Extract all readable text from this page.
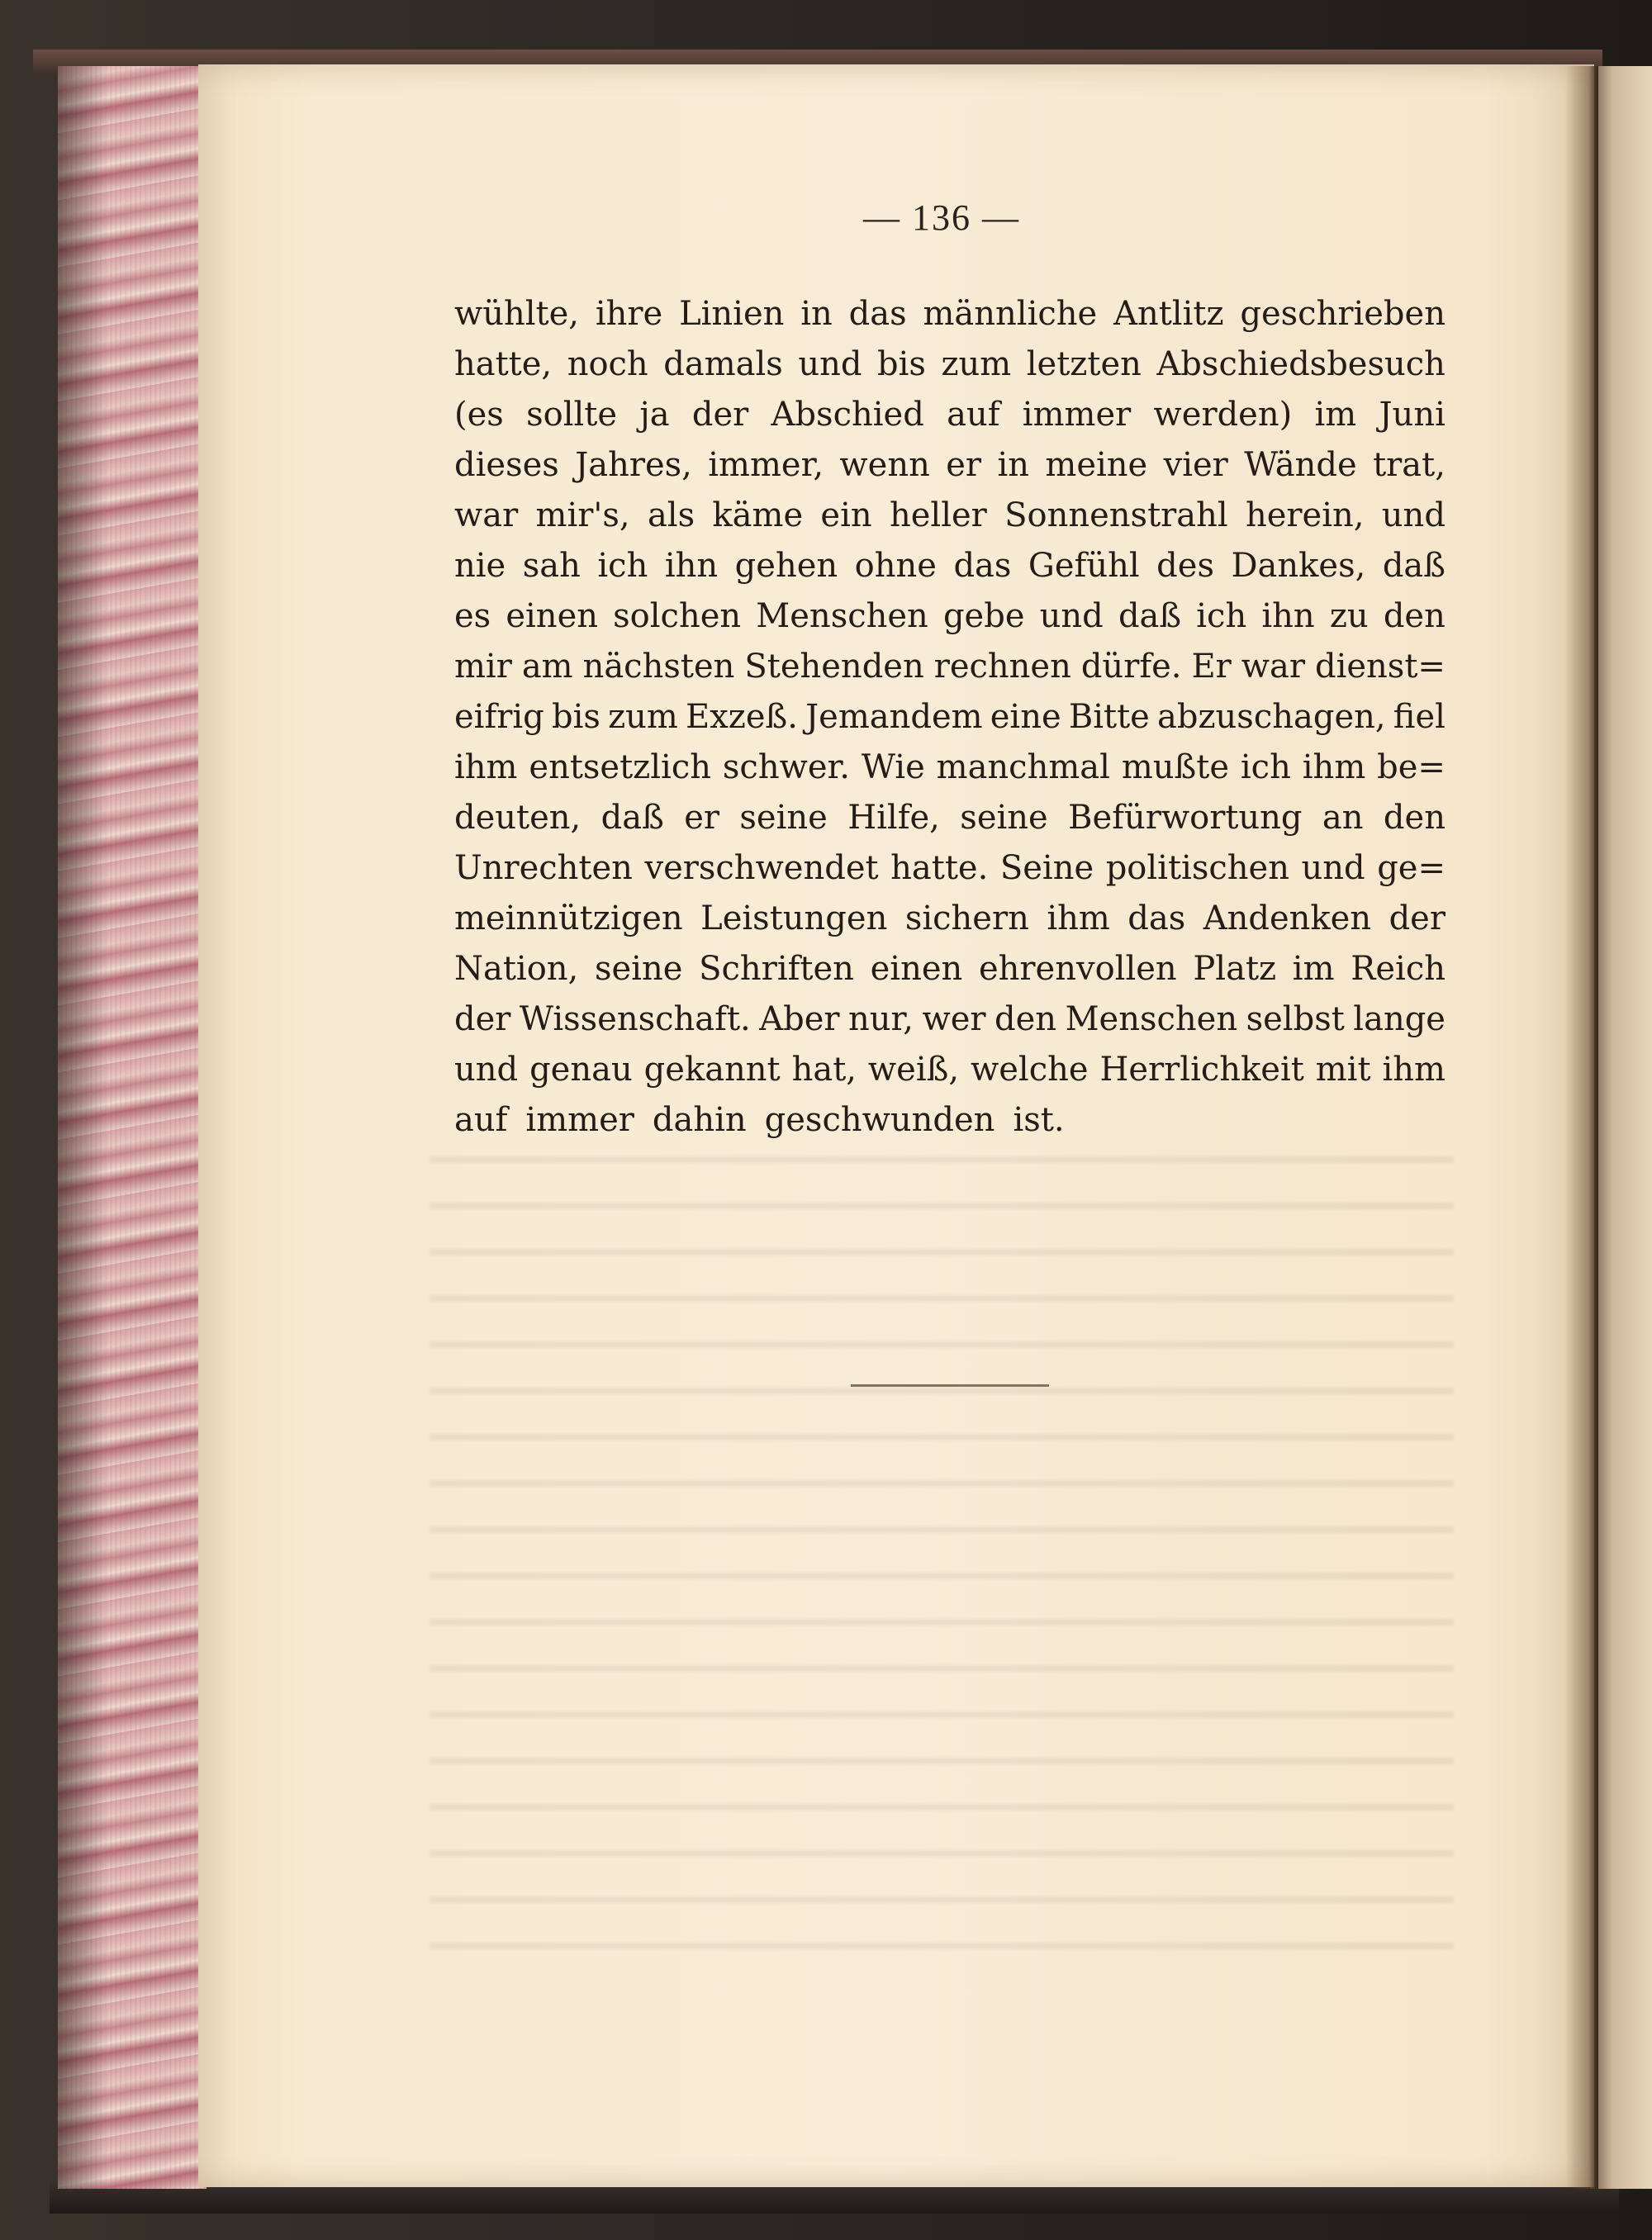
— 136 —
wühlte, ihre Linien in das männliche Antlitz geschrieben
hatte, noch damals und bis zum letzten Abschiedsbesuch
(es sollte ja der Abschied auf immer werden) im Juni
dieses Jahres, immer, wenn er in meine vier Wände trat,
war mir's, als käme ein heller Sonnenstrahl herein, und
nie sah ich ihn gehen ohne das Gefühl des Dankes, daß
es einen solchen Menschen gebe und daß ich ihn zu den
mir am nächsten Stehenden rechnen dürfe. Er war dienst=
eifrig bis zum Exzeß. Jemandem eine Bitte abzuschagen, fiel
ihm entsetzlich schwer. Wie manchmal mußte ich ihm be=
deuten, daß er seine Hilfe, seine Befürwortung an den
Unrechten verschwendet hatte. Seine politischen und ge=
meinnützigen Leistungen sichern ihm das Andenken der
Nation, seine Schriften einen ehrenvollen Platz im Reich
der Wissenschaft. Aber nur, wer den Menschen selbst lange
und genau gekannt hat, weiß, welche Herrlichkeit mit ihm
auf immer dahin geschwunden ist.
